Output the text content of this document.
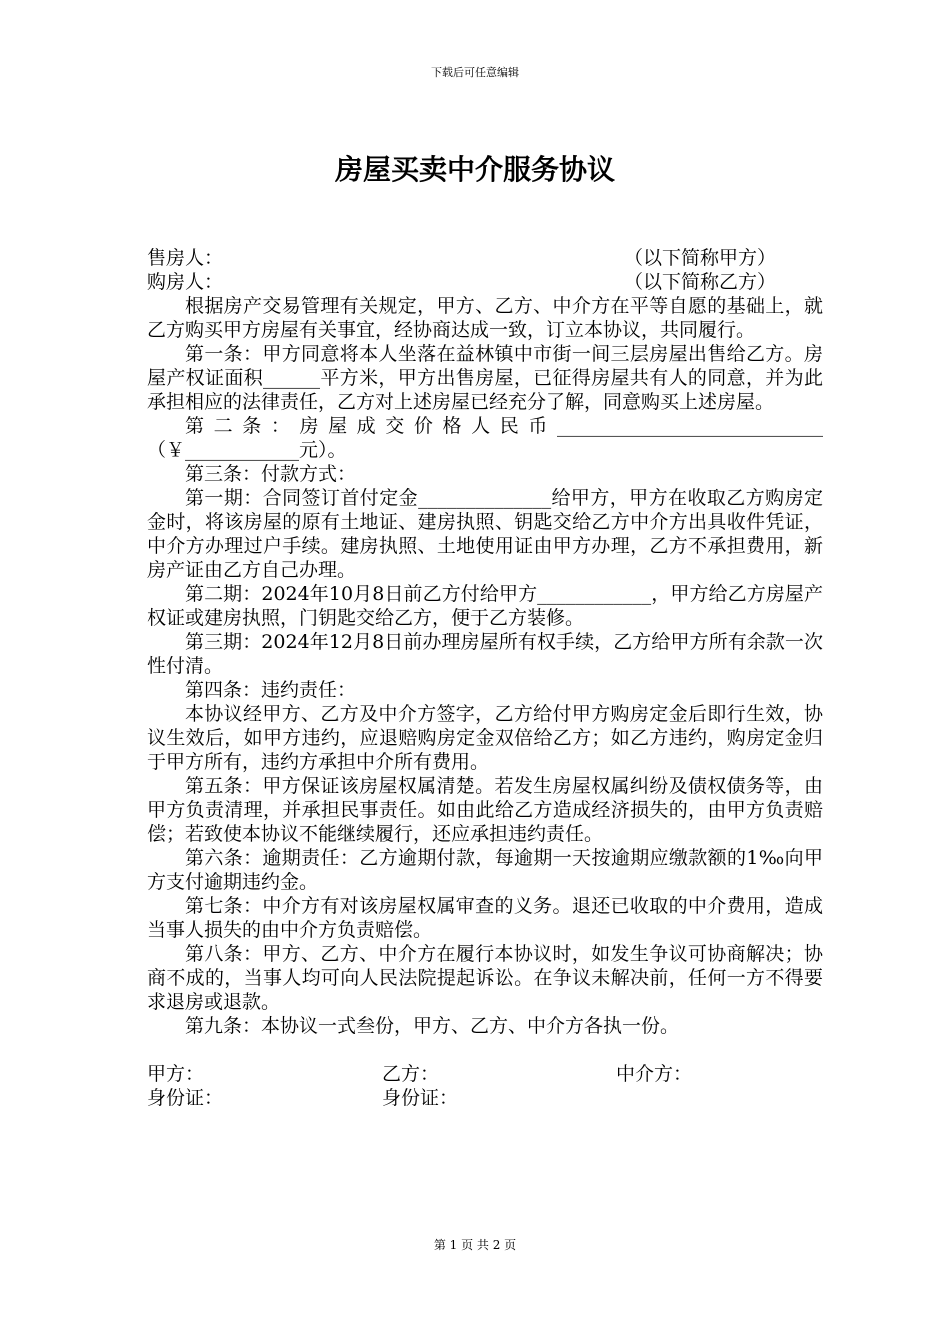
下载后可任意编辑
房屋买卖中介服务协议
售房人：	（以下简称甲方）
购房人：	（以下简称乙方）

根据房产交易管理有关规定，甲方、乙方、中介方在平等自愿的基础上，就乙方购买甲方房屋有关事宜，经协商达成一致，订立本协议，共同履行。

第一条：甲方同意将本人坐落在益林镇中市街一间三层房屋出售给乙方。房屋产权证面积______平方米，甲方出售房屋，已征得房屋共有人的同意，并为此承担相应的法律责任，乙方对上述房屋已经充分了解，同意购买上述房屋。

第二条：房屋成交价格人民币____________________________（￥____________元）。

第三条：付款方式：

第一期：合同签订首付定金______________给甲方，甲方在收取乙方购房定金时，将该房屋的原有土地证、建房执照、钥匙交给乙方中介方出具收件凭证，中介方办理过户手续。建房执照、土地使用证由甲方办理，乙方不承担费用，新房产证由乙方自己办理。

第二期：2024年10月8日前乙方付给甲方____________，甲方给乙方房屋产权证或建房执照，门钥匙交给乙方，便于乙方装修。

第三期：2024年12月8日前办理房屋所有权手续，乙方给甲方所有余款一次性付清。

第四条：违约责任：

本协议经甲方、乙方及中介方签字，乙方给付甲方购房定金后即行生效，协议生效后，如甲方违约，应退赔购房定金双倍给乙方；如乙方违约，购房定金归于甲方所有，违约方承担中介所有费用。

第五条：甲方保证该房屋权属清楚。若发生房屋权属纠纷及债权债务等，由甲方负责清理，并承担民事责任。如由此给乙方造成经济损失的，由甲方负责赔偿；若致使本协议不能继续履行，还应承担违约责任。

第六条：逾期责任：乙方逾期付款，每逾期一天按逾期应缴款额的1‰向甲方支付逾期违约金。

第七条：中介方有对该房屋权属审查的义务。退还已收取的中介费用，造成当事人损失的由中介方负责赔偿。

第八条：甲方、乙方、中介方在履行本协议时，如发生争议可协商解决；协商不成的，当事人均可向人民法院提起诉讼。在争议未解决前，任何一方不得要求退房或退款。

第九条：本协议一式叁份，甲方、乙方、中介方各执一份。

甲方：	乙方：	中介方：
身份证：	身份证：
第 1 页 共 2 页
